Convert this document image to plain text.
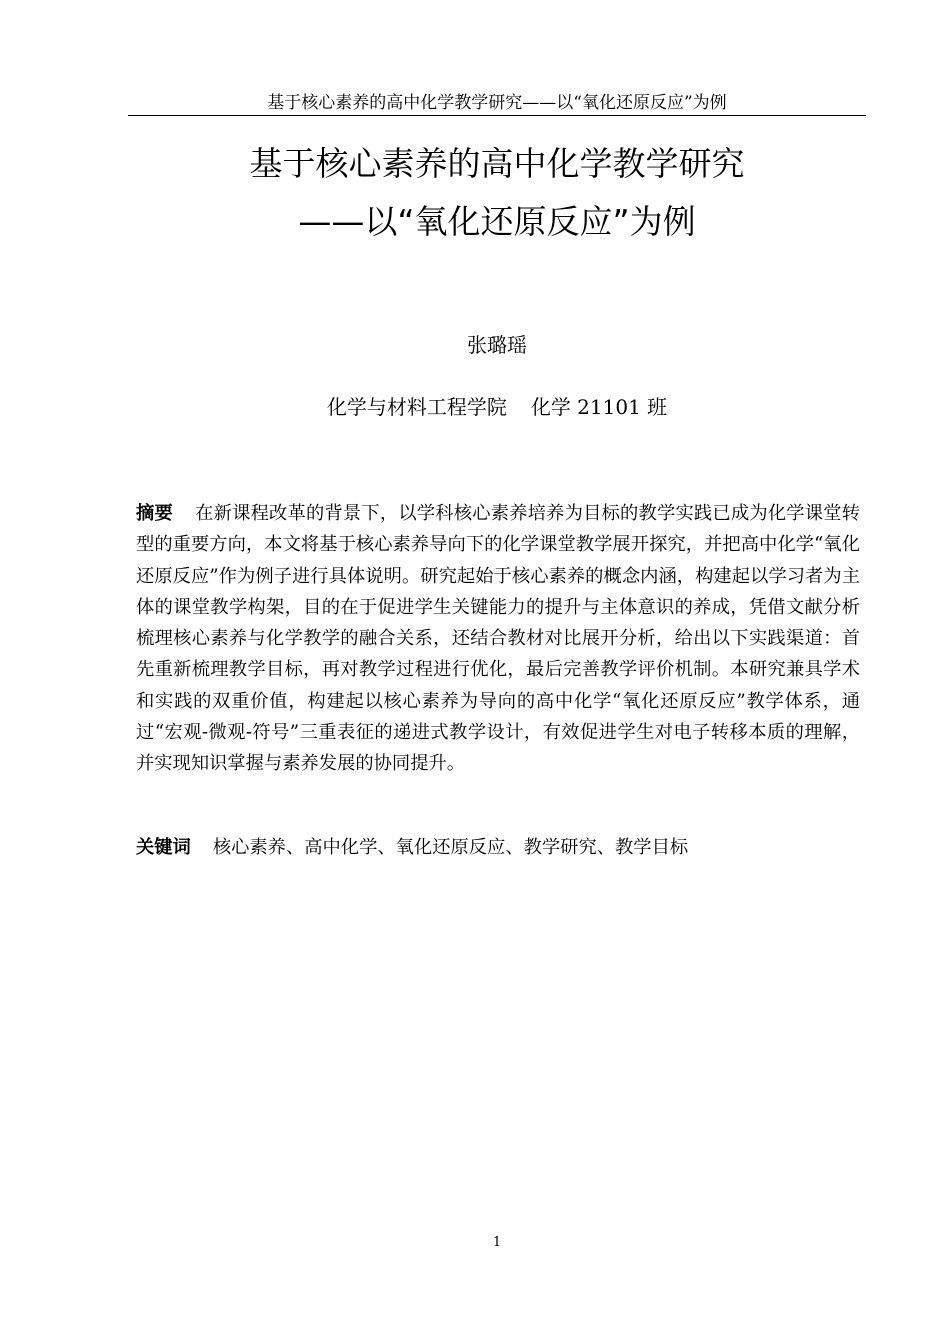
基于核心素养的高中化学教学研究——以“氧化还原反应”为例
基于核心素养的高中化学教学研究
——以“氧化还原反应”为例
张璐瑶
化学与材料工程学院 化学 21101 班

摘要 在新课程改革的背景下，以学科核心素养培养为目标的教学实践已成为化学课堂转型的重要方向，本文将基于核心素养导向下的化学课堂教学展开探究，并把高中化学“氧化还原反应”作为例子进行具体说明。研究起始于核心素养的概念内涵，构建起以学习者为主体的课堂教学构架，目的在于促进学生关键能力的提升与主体意识的养成，凭借文献分析梳理核心素养与化学教学的融合关系，还结合教材对比展开分析，给出以下实践渠道：首先重新梳理教学目标，再对教学过程进行优化，最后完善教学评价机制。本研究兼具学术和实践的双重价值，构建起以核心素养为导向的高中化学“氧化还原反应”教学体系，通过“宏观-微观-符号”三重表征的递进式教学设计，有效促进学生对电子转移本质的理解，并实现知识掌握与素养发展的协同提升。

关键词 核心素养、高中化学、氧化还原反应、教学研究、教学目标

1
